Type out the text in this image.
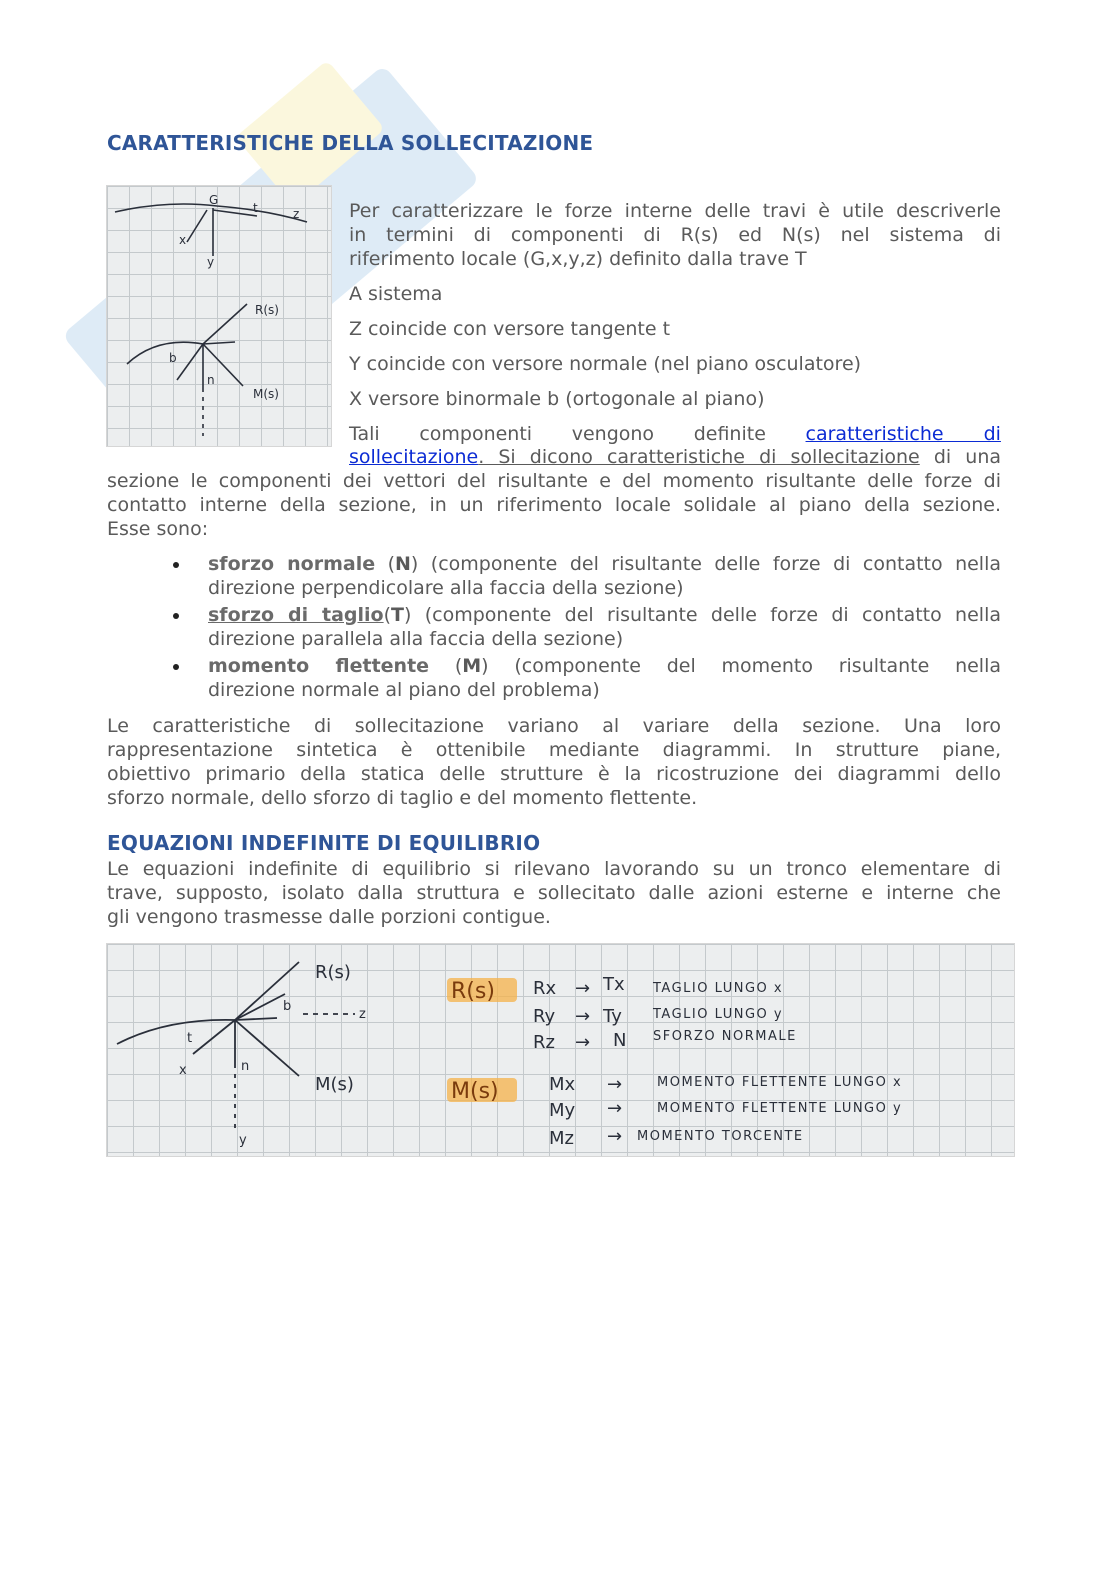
CARATTERISTICHE DELLA SOLLECITAZIONE
G
t
x
y
z
R(s)
M(s)
b
n
Per caratterizzare le forze interne delle travi è utile descriverle
in termini di componenti di R(s) ed N(s) nel sistema di
riferimento locale (G,x,y,z) definito dalla trave T

A sistema

Z coincide con versore tangente t

Y coincide con versore normale (nel piano osculatore)

X versore binormale b (ortogonale al piano)

Tali componenti vengono definite caratteristiche di
sollecitazione. Si dicono caratteristiche di sollecitazione di una
sezione le componenti dei vettori del risultante e del momento risultante delle forze di
contatto interne della sezione, in un riferimento locale solidale al piano della sezione.
Esse sono:
sforzo normale (N) (componente del risultante delle forze di contatto nella
direzione perpendicolare alla faccia della sezione)
sforzo di taglio(T) (componente del risultante delle forze di contatto nella
direzione parallela alla faccia della sezione)
momento flettente (M) (componente del momento risultante nella
direzione normale al piano del problema)
Le caratteristiche di sollecitazione variano al variare della sezione. Una loro
rappresentazione sintetica è ottenibile mediante diagrammi. In strutture piane,
obiettivo primario della statica delle strutture è la ricostruzione dei diagrammi dello
sforzo normale, dello sforzo di taglio e del momento flettente.
EQUAZIONI INDEFINITE DI EQUILIBRIO
Le equazioni indefinite di equilibrio si rilevano lavorando su un tronco elementare di
trave, supposto, isolato dalla struttura e sollecitato dalle azioni esterne e interne che
gli vengono trasmesse dalle porzioni contigue.
R(s)
M(s)
x
t
b
n
z
y
R(s)
M(s)
Rx → Tx TAGLIO LUNGO x
Ry → Ty TAGLIO LUNGO y
Rz → N SFORZO NORMALE
Mx →	MOMENTO FLETTENTE LUNGO x
My →	MOMENTO FLETTENTE LUNGO y
Mz → MOMENTO TORCENTE
